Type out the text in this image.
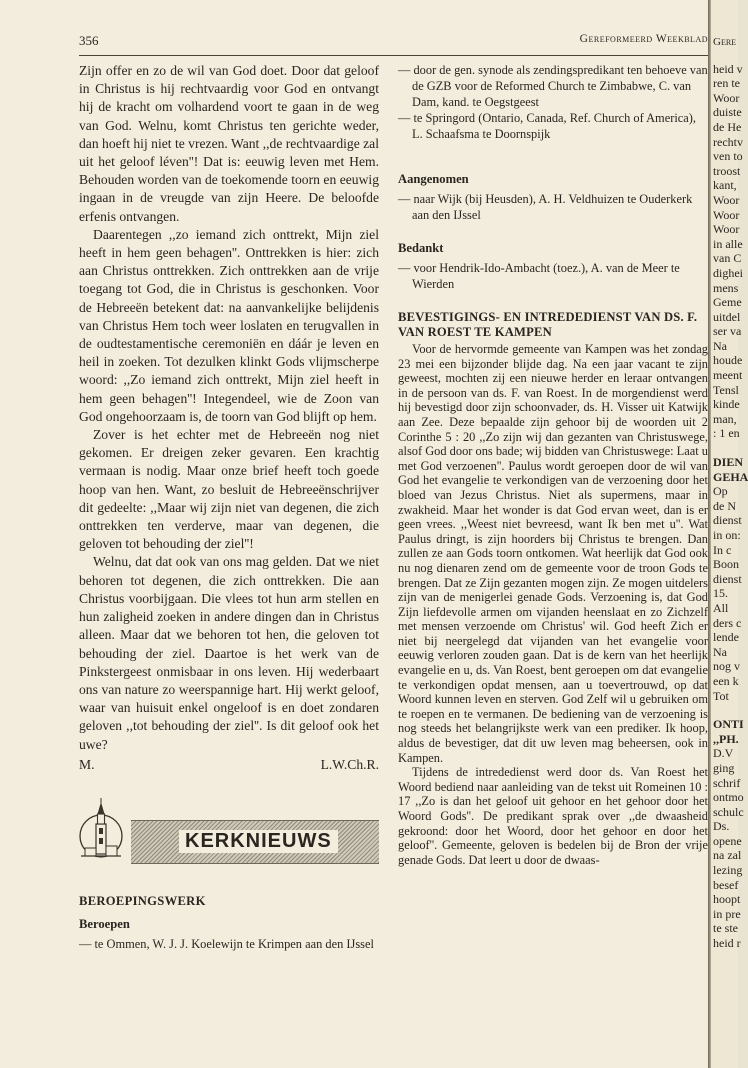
356	Gereformeerd Weekblad

Zijn offer en zo de wil van God doet. Door dat geloof in Christus is hij rechtvaardig voor God en ontvangt hij de kracht om volhardend voort te gaan in de weg van God. Welnu, komt Christus ten gerichte weder, dan hoeft hij niet te vrezen. Want ,,de rechtvaardige zal uit het geloof léven''! Dat is: eeuwig leven met Hem. Behouden worden van de toekomende toorn en eeuwig ingaan in de vreugde van zijn Heere. De beloofde erfenis ontvangen.

Daarentegen ,,zo iemand zich onttrekt, Mijn ziel heeft in hem geen behagen''. Onttrekken is hier: zich aan Christus onttrekken. Zich onttrekken aan de vrije toegang tot God, die in Christus is geschonken. Voor de Hebreeën betekent dat: na aanvankelijke belijdenis van Christus Hem toch weer loslaten en terugvallen in de oudtestamentische ceremoniën en dáár je leven en heil in zoeken. Tot dezulken klinkt Gods vlijmscherpe woord: ,,Zo iemand zich onttrekt, Mijn ziel heeft in hem geen behagen''! Integendeel, wie de Zoon van God ongehoorzaam is, de toorn van God blijft op hem.

Zover is het echter met de Hebreeën nog niet gekomen. Er dreigen zeker gevaren. Een krachtig vermaan is nodig. Maar onze brief heeft toch goede hoop van hen. Want, zo besluit de Hebreeënschrijver dit gedeelte: ,,Maar wij zijn niet van degenen, die zich onttrekken ten verderve, maar van degenen, die geloven tot behouding der ziel''!

Welnu, dat dat ook van ons mag gelden. Dat we niet behoren tot degenen, die zich onttrekken. Die aan Christus voorbijgaan. Die vlees tot hun arm stellen en hun zaligheid zoeken in andere dingen dan in Christus alleen. Maar dat we behoren tot hen, die geloven tot behouding der ziel. Daartoe is het werk van de Pinkstergeest onmisbaar in ons leven. Hij wederbaart ons van nature zo weerspannige hart. Hij werkt geloof, waar van huisuit enkel ongeloof is en doet zondaren geloven ,,tot behouding der ziel''. Is dit geloof ook het uwe?

M.	L.W.Ch.R.
KERKNIEUWS
BEROEPINGSWERK
Beroepen

— te Ommen, W. J. J. Koelewijn te Krimpen aan den IJssel

— door de gen. synode als zendingspredikant ten behoeve van de GZB voor de Reformed Church te Zimbabwe, C. van Dam, kand. te Oegstgeest

— te Springord (Ontario, Canada, Ref. Church of America), L. Schaafsma te Doornspijk

Aangenomen

— naar Wijk (bij Heusden), A. H. Veldhuizen te Ouderkerk aan den IJssel

Bedankt

— voor Hendrik-Ido-Ambacht (toez.), A. van de Meer te Wierden

BEVESTIGINGS- EN INTREDEDIENST VAN DS. F. VAN ROEST TE KAMPEN

Voor de hervormde gemeente van Kampen was het zondag 23 mei een bijzonder blijde dag. Na een jaar vacant te zijn geweest, mochten zij een nieuwe herder en leraar ontvangen in de persoon van ds. F. van Roest. In de morgendienst werd hij bevestigd door zijn schoonvader, ds. H. Visser uit Katwijk aan Zee. Deze bepaalde zijn gehoor bij de woorden uit 2 Corinthe 5 : 20 ,,Zo zijn wij dan gezanten van Christuswege, alsof God door ons bade; wij bidden van Christuswege: Laat u met God verzoenen''. Paulus wordt geroepen door de wil van God het evangelie te verkondigen van de verzoening door het bloed van Jezus Christus. Niet als supermens, maar in zwakheid. Maar het wonder is dat God ervan weet, dan is er geen vrees. ,,Weest niet bevreesd, want Ik ben met u''. Wat Paulus dringt, is zijn hoorders bij Christus te brengen. Dan zullen ze aan Gods toorn ontkomen. Wat heerlijk dat God ook nu nog dienaren zend om de gemeente voor de troon Gods te brengen. Dat ze Zijn gezanten mogen zijn. Ze mogen uitdelers zijn van de menigerlei genade Gods. Verzoening is, dat God Zijn liefdevolle armen om vijanden heenslaat en zo Zichzelf met mensen verzoende om Christus' wil. God heeft Zich er niet bij neergelegd dat vijanden van het evangelie voor eeuwig verloren zouden gaan. Dat is de kern van het heerlijk evangelie en u, ds. Van Roest, bent geroepen om dat evangelie te verkondigen opdat mensen, aan u toevertrouwd, op dat Woord kunnen leven en sterven. God Zelf wil u gebruiken om te roepen en te vermanen. De bediening van de verzoening is nog steeds het belangrijkste werk van een prediker. Ik hoop, aldus de bevestiger, dat dit uw leven mag beheersen, ook in Kampen.

Tijdens de intrededienst werd door ds. Van Roest het Woord bediend naar aanleiding van de tekst uit Romeinen 10 : 17 ,,Zo is dan het geloof uit gehoor en het gehoor door het Woord Gods''. De predikant sprak over ,,de dwaasheid gekroond: door het Woord, door het gehoor en door het geloof''. Gemeente, geloven is bedelen bij de Bron der vrije genade Gods. Dat leert u door de dwaas-

Gere
heid v
ren te
Woor
duiste
de He
rechtv
ven to
troost
kant,
Woor
Woor
Woor
in alle
van C
dighei
mens
Geme
uitdel
ser va
Na
houde
meent
Tensl
kinde
man,
: 1 en
DIEN
GEHA
Op
de N
dienst
in on:
In c
Boon
dienst
15.
All
ders c
lende
Na
nog v
een k
Tot
ONTI
,,PH.
D.V
ging
schrif
ontmo
schulc
Ds.
opene
na zal
lezing
besef
hoopt
in pre
te ste
heid r
